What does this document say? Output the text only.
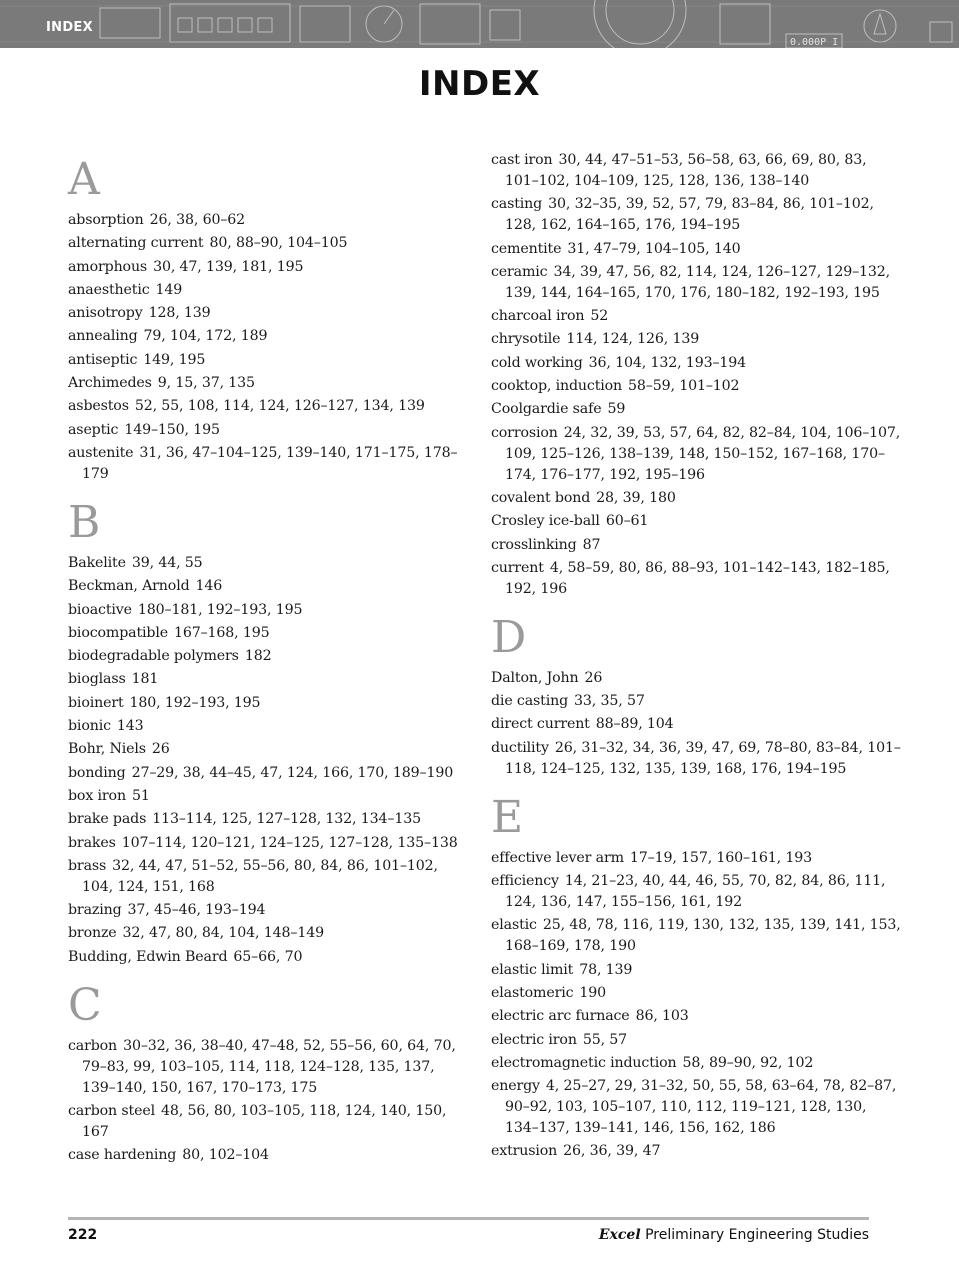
0.000P I
INDEX
INDEX
A
absorption 26, 38, 60–62
alternating current 80, 88–90, 104–105
amorphous 30, 47, 139, 181, 195
anaesthetic 149
anisotropy 128, 139
annealing 79, 104, 172, 189
antiseptic 149, 195
Archimedes 9, 15, 37, 135
asbestos 52, 55, 108, 114, 124, 126–127, 134, 139
aseptic 149–150, 195
austenite 31, 36, 47–104–125, 139–140, 171–175, 178–179
B
Bakelite 39, 44, 55
Beckman, Arnold 146
bioactive 180–181, 192–193, 195
biocompatible 167–168, 195
biodegradable polymers 182
bioglass 181
bioinert 180, 192–193, 195
bionic 143
Bohr, Niels 26
bonding 27–29, 38, 44–45, 47, 124, 166, 170, 189–190
box iron 51
brake pads 113–114, 125, 127–128, 132, 134–135
brakes 107–114, 120–121, 124–125, 127–128, 135–138
brass 32, 44, 47, 51–52, 55–56, 80, 84, 86, 101–102, 104, 124, 151, 168
brazing 37, 45–46, 193–194
bronze 32, 47, 80, 84, 104, 148–149
Budding, Edwin Beard 65–66, 70
C
carbon 30–32, 36, 38–40, 47–48, 52, 55–56, 60, 64, 70, 79–83, 99, 103–105, 114, 118, 124–128, 135, 137, 139–140, 150, 167, 170–173, 175
carbon steel 48, 56, 80, 103–105, 118, 124, 140, 150, 167
case hardening 80, 102–104
cast iron 30, 44, 47–51–53, 56–58, 63, 66, 69, 80, 83, 101–102, 104–109, 125, 128, 136, 138–140
casting 30, 32–35, 39, 52, 57, 79, 83–84, 86, 101–102, 128, 162, 164–165, 176, 194–195
cementite 31, 47–79, 104–105, 140
ceramic 34, 39, 47, 56, 82, 114, 124, 126–127, 129–132, 139, 144, 164–165, 170, 176, 180–182, 192–193, 195
charcoal iron 52
chrysotile 114, 124, 126, 139
cold working 36, 104, 132, 193–194
cooktop, induction 58–59, 101–102
Coolgardie safe 59
corrosion 24, 32, 39, 53, 57, 64, 82, 82–84, 104, 106–107, 109, 125–126, 138–139, 148, 150–152, 167–168, 170–174, 176–177, 192, 195–196
covalent bond 28, 39, 180
Crosley ice-ball 60–61
crosslinking 87
current 4, 58–59, 80, 86, 88–93, 101–142–143, 182–185, 192, 196
D
Dalton, John 26
die casting 33, 35, 57
direct current 88–89, 104
ductility 26, 31–32, 34, 36, 39, 47, 69, 78–80, 83–84, 101–118, 124–125, 132, 135, 139, 168, 176, 194–195
E
effective lever arm 17–19, 157, 160–161, 193
efficiency 14, 21–23, 40, 44, 46, 55, 70, 82, 84, 86, 111, 124, 136, 147, 155–156, 161, 192
elastic 25, 48, 78, 116, 119, 130, 132, 135, 139, 141, 153, 168–169, 178, 190
elastic limit 78, 139
elastomeric 190
electric arc furnace 86, 103
electric iron 55, 57
electromagnetic induction 58, 89–90, 92, 102
energy 4, 25–27, 29, 31–32, 50, 55, 58, 63–64, 78, 82–87, 90–92, 103, 105–107, 110, 112, 119–121, 128, 130, 134–137, 139–141, 146, 156, 162, 186
extrusion 26, 36, 39, 47
222	Excel Preliminary Engineering Studies
